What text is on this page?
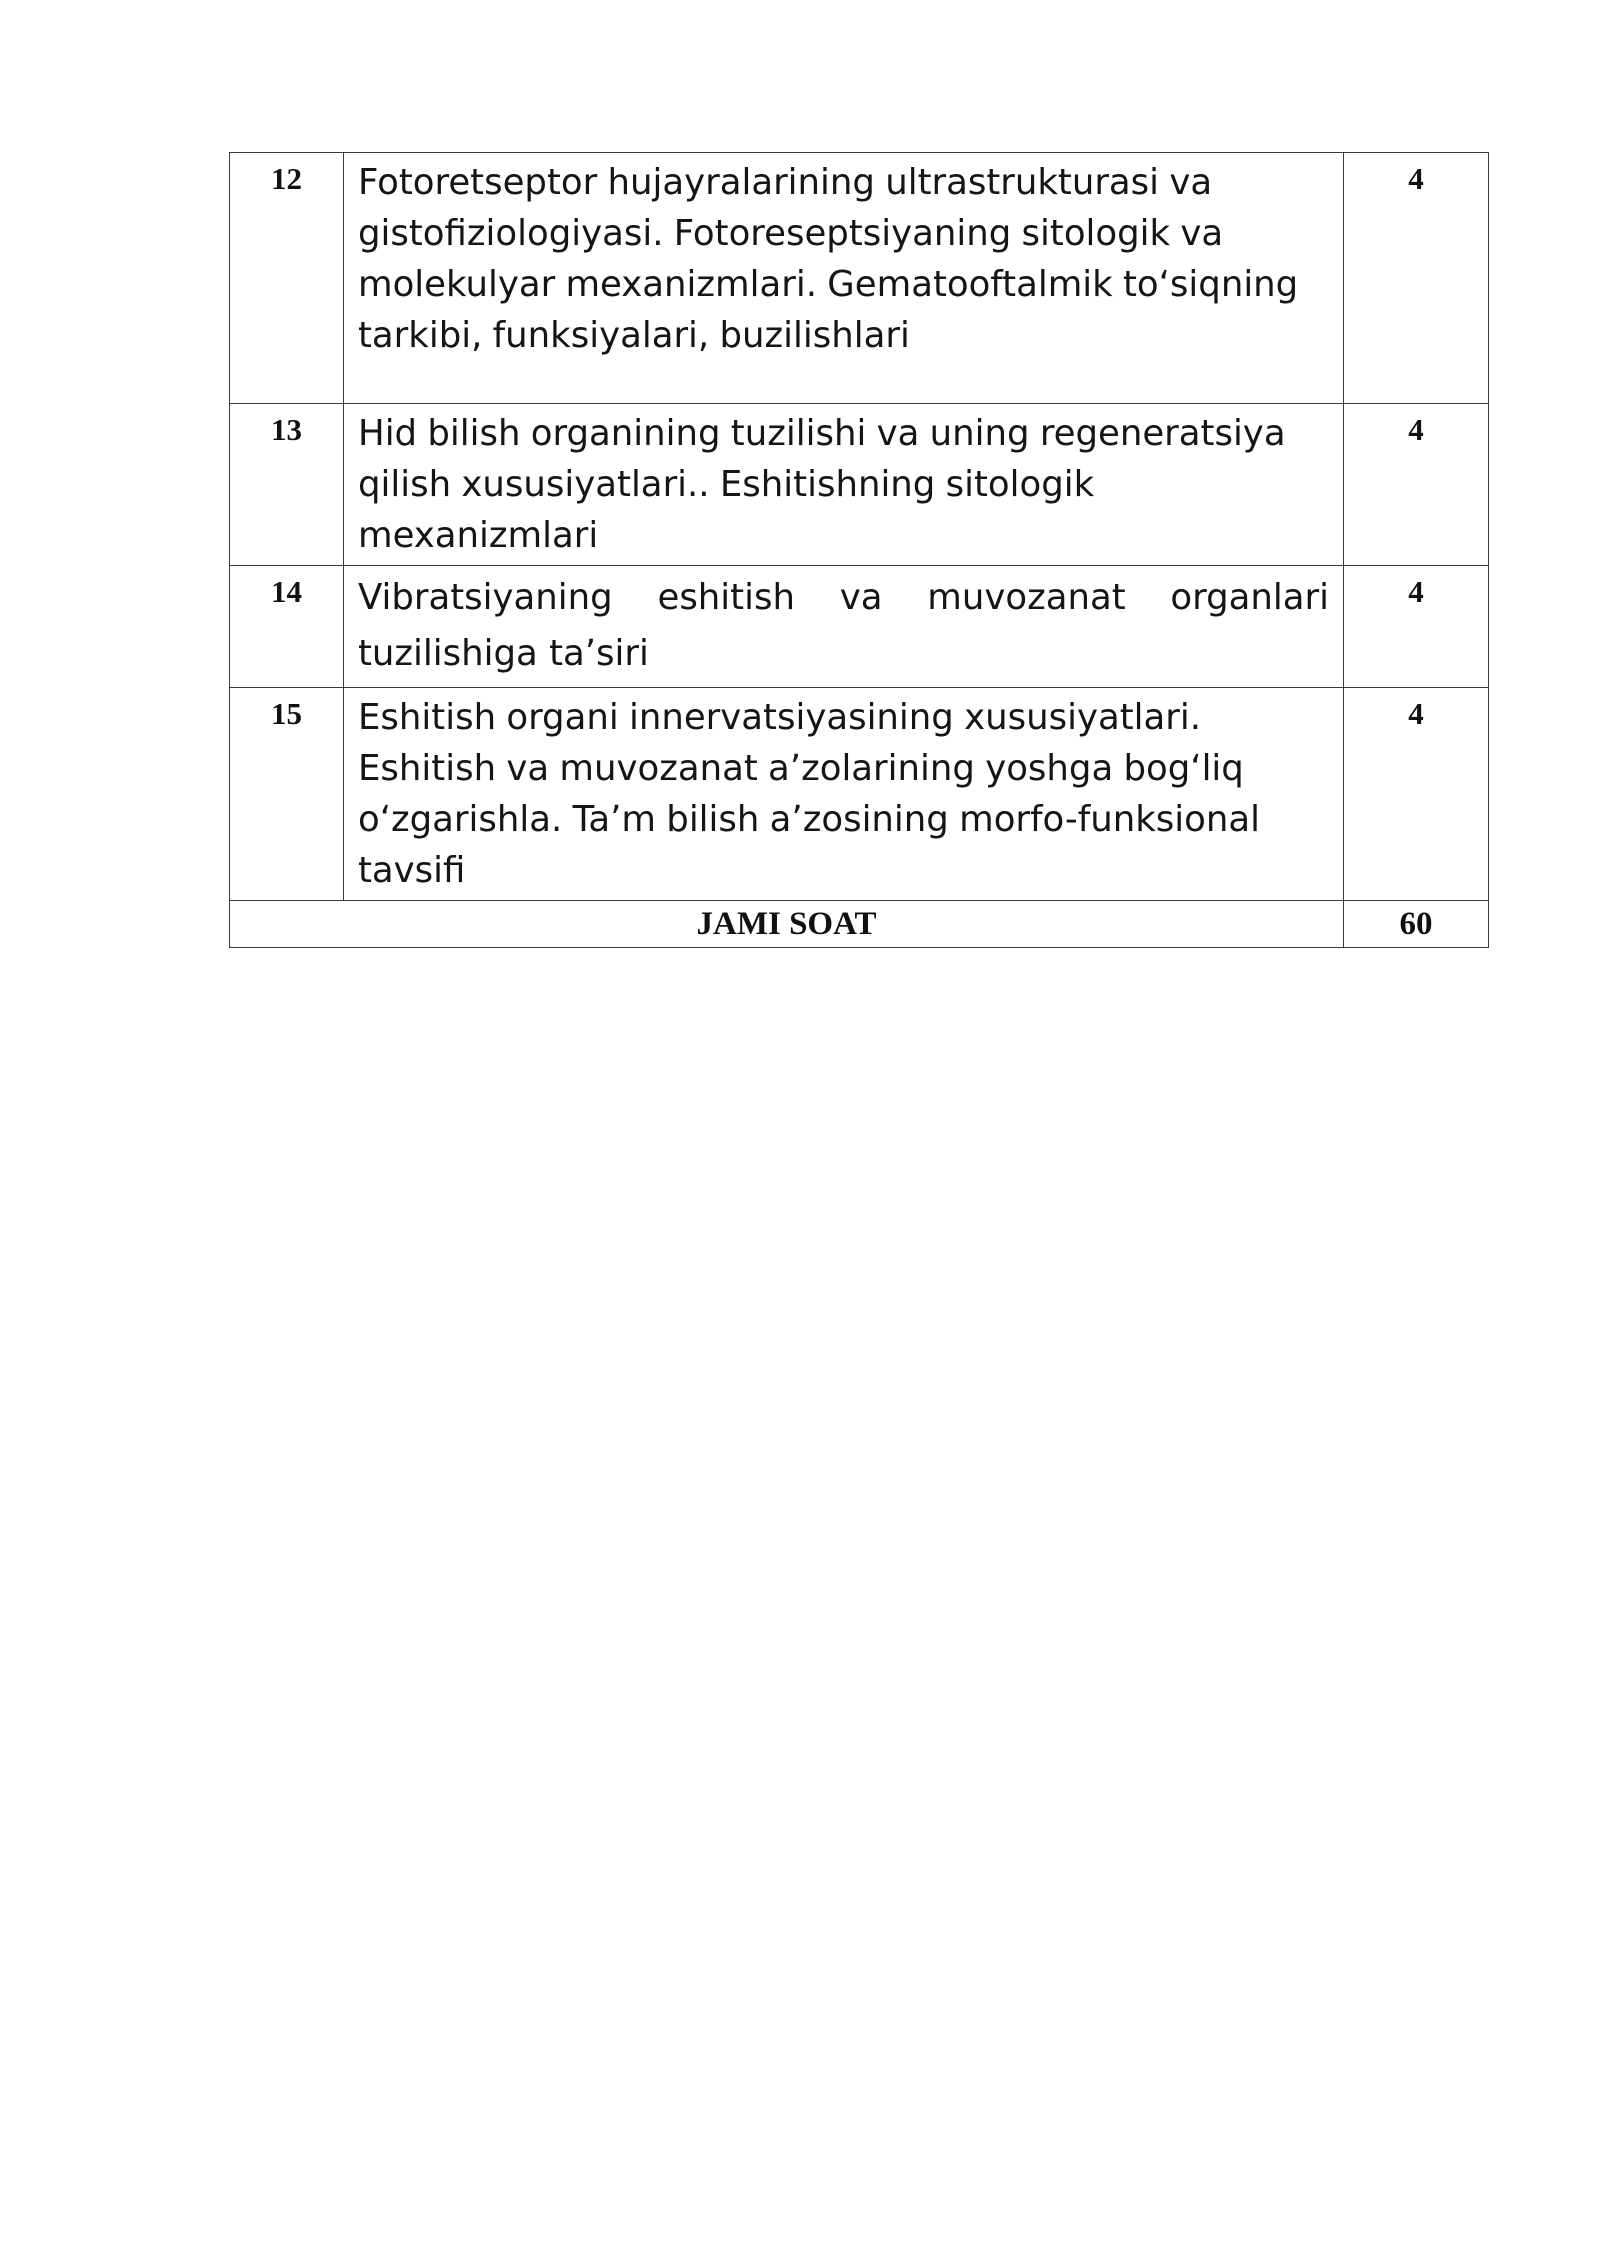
12	Fotoretseptor hujayralarining ultrastrukturasi va gistofiziologiyasi. Fotoreseptsiyaning sitologik va molekulyar mexanizmlari. Gematooftalmik to‘siqning tarkibi, funksiyalari, buzilishlari	4
13	Hid bilish organining tuzilishi va uning regeneratsiya qilish xususiyatlari.. Eshitishning sitologik mexanizmlari	4
14	Vibratsiyaning eshitish va muvozanat organlari tuzilishiga ta’siri	4
15	Eshitish organi innervatsiyasining xususiyatlari. Eshitish va muvozanat a’zolarining yoshga bog‘liq o‘zgarishla. Ta’m bilish a’zosining morfo-funksional tavsifi	4
JAMI SOAT		60
